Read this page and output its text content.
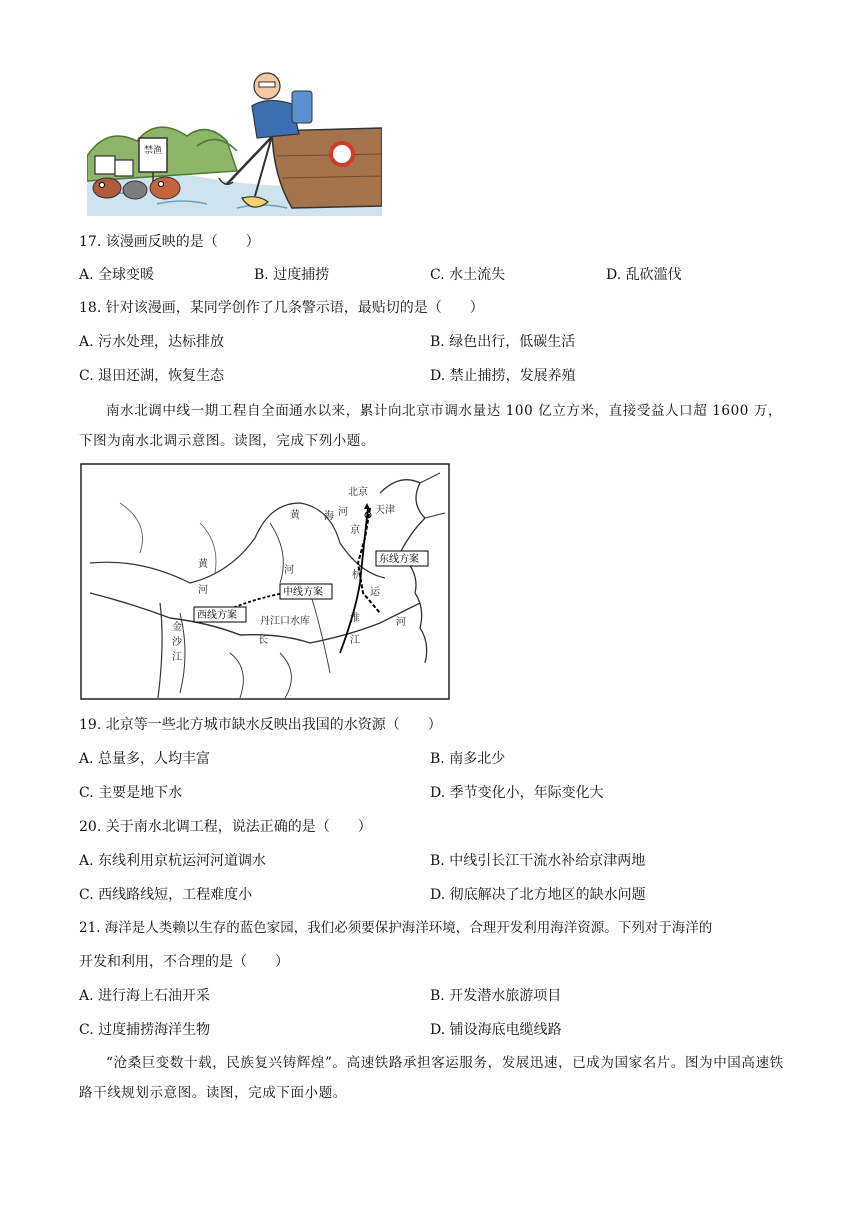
禁渔
17. 该漫画反映的是（　　）
A. 全球变暖	B. 过度捕捞	C. 水土流失	D. 乱砍滥伐
18. 针对该漫画，某同学创作了几条警示语，最贴切的是（　　）
A. 污水处理，达标排放	B. 绿色出行，低碳生活
C. 退田还湖，恢复生态	D. 禁止捕捞，发展养殖
南水北调中线一期工程自全面通水以来，累计向北京市调水量达 100 亿立方米，直接受益人口超 1600 万，下图为南水北调示意图。读图，完成下列小题。
北京
天津
黄 海 河
京
黄
河
河	杭
运
淮	河
江
长
金
沙
江
丹江口水库
东线方案
中线方案
西线方案
19. 北京等一些北方城市缺水反映出我国的水资源（　　）
A. 总量多，人均丰富	B. 南多北少
C. 主要是地下水	D. 季节变化小，年际变化大
20. 关于南水北调工程，说法正确的是（　　）
A. 东线利用京杭运河河道调水	B. 中线引长江干流水补给京津两地
C. 西线路线短，工程难度小	D. 彻底解决了北方地区的缺水问题
21. 海洋是人类赖以生存的蓝色家园，我们必须要保护海洋环境，合理开发利用海洋资源。下列对于海洋的
开发和利用，不合理的是（　　）
A. 进行海上石油开采	B. 开发潜水旅游项目
C. 过度捕捞海洋生物	D. 铺设海底电缆线路
“沧桑巨变数十载，民族复兴铸辉煌”。高速铁路承担客运服务，发展迅速，已成为国家名片。图为中国高速铁路干线规划示意图。读图，完成下面小题。
